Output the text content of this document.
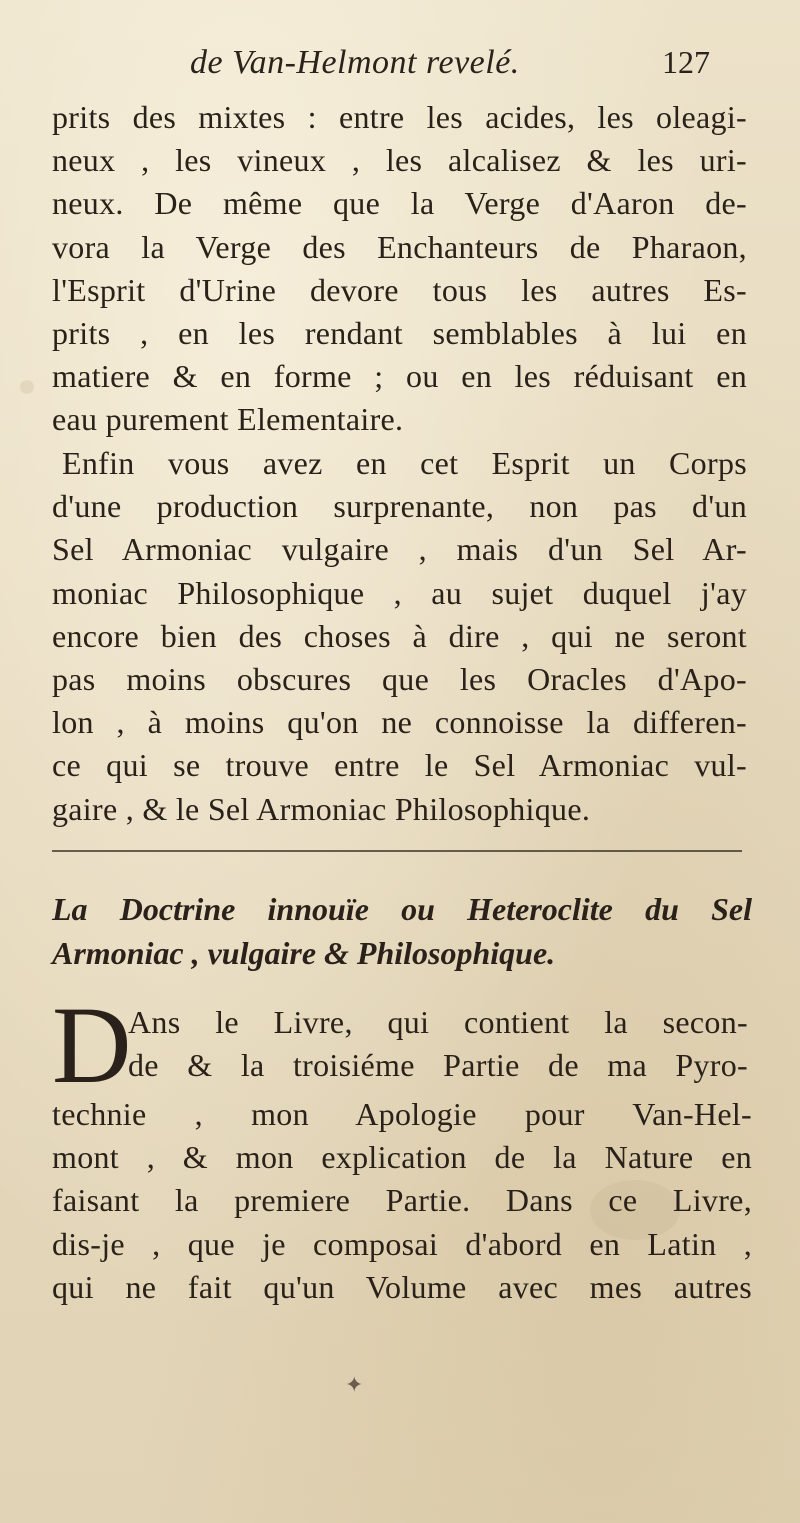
de Van-Helmont revelé.	127
prits des mixtes : entre les acides, les oleagi-
neux , les vineux , les alcalisez & les uri-
neux. De même que la Verge d'Aaron de-
vora la Verge des Enchanteurs de Pharaon,
l'Esprit d'Urine devore tous les autres Es-
prits , en les rendant semblables à lui en
matiere & en forme ; ou en les réduisant en
eau purement Elementaire.
Enfin vous avez en cet Esprit un Corps
d'une production surprenante, non pas d'un
Sel Armoniac vulgaire , mais d'un Sel Ar-
moniac Philosophique , au sujet duquel j'ay
encore bien des choses à dire , qui ne seront
pas moins obscures que les Oracles d'Apo-
lon , à moins qu'on ne connoisse la differen-
ce qui se trouve entre le Sel Armoniac vul-
gaire , & le Sel Armoniac Philosophique.
La Doctrine innouïe ou Heteroclite du Sel
Armoniac , vulgaire & Philosophique.
D
Ans le Livre, qui contient la secon-
de & la troisiéme Partie de ma Pyro-
technie , mon Apologie pour Van-Hel-
mont , & mon explication de la Nature en
faisant la premiere Partie. Dans ce Livre,
dis-je , que je composai d'abord en Latin ,
qui ne fait qu'un Volume avec mes autres
✦
